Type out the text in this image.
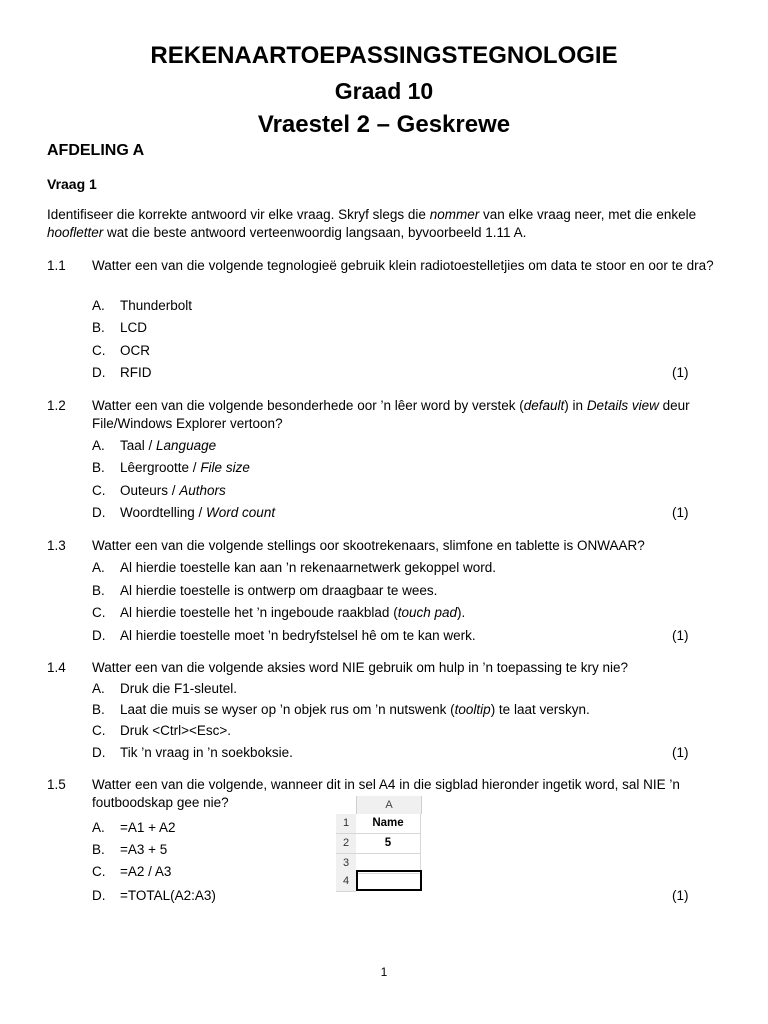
REKENAARTOEPASSINGSTEGNOLOGIE
Graad 10
Vraestel 2 – Geskrewe
AFDELING A
Vraag 1
Identifiseer die korrekte antwoord vir elke vraag. Skryf slegs die nommer van elke vraag neer, met die enkele hoofletter wat die beste antwoord verteenwoordig langsaan, byvoorbeeld 1.11 A.
1.1 Watter een van die volgende tegnologieë gebruik klein radiotoestelletjies om data te stoor en oor te dra?
A. Thunderbolt
B. LCD
C. OCR
D. RFID	(1)
1.2 Watter een van die volgende besonderhede oor ’n lêer word by verstek (default) in Details view deur File/Windows Explorer vertoon?
A. Taal / Language
B. Lêergrootte / File size
C. Outeurs / Authors
D. Woordtelling / Word count	(1)
1.3 Watter een van die volgende stellings oor skootrekenaars, slimfone en tablette is ONWAAR?
A. Al hierdie toestelle kan aan ’n rekenaarnetwerk gekoppel word.
B. Al hierdie toestelle is ontwerp om draagbaar te wees.
C. Al hierdie toestelle het ’n ingeboude raakblad (touch pad).
D. Al hierdie toestelle moet ’n bedryfstelsel hê om te kan werk.	(1)
1.4 Watter een van die volgende aksies word NIE gebruik om hulp in ’n toepassing te kry nie?
A. Druk die F1-sleutel.
B. Laat die muis se wyser op ’n objek rus om ’n nutswenk (tooltip) te laat verskyn.
C. Druk <Ctrl><Esc>.
D. Tik ’n vraag in ’n soekboksie.	(1)
1.5 Watter een van die volgende, wanneer dit in sel A4 in die sigblad hieronder ingetik word, sal NIE ’n foutboodskap gee nie?
A. =A1 + A2
B. =A3 + 5
C. =A2 / A3
D. =TOTAL(A2:A3)	(1)
A
1	Name
2	5
3
4
1
